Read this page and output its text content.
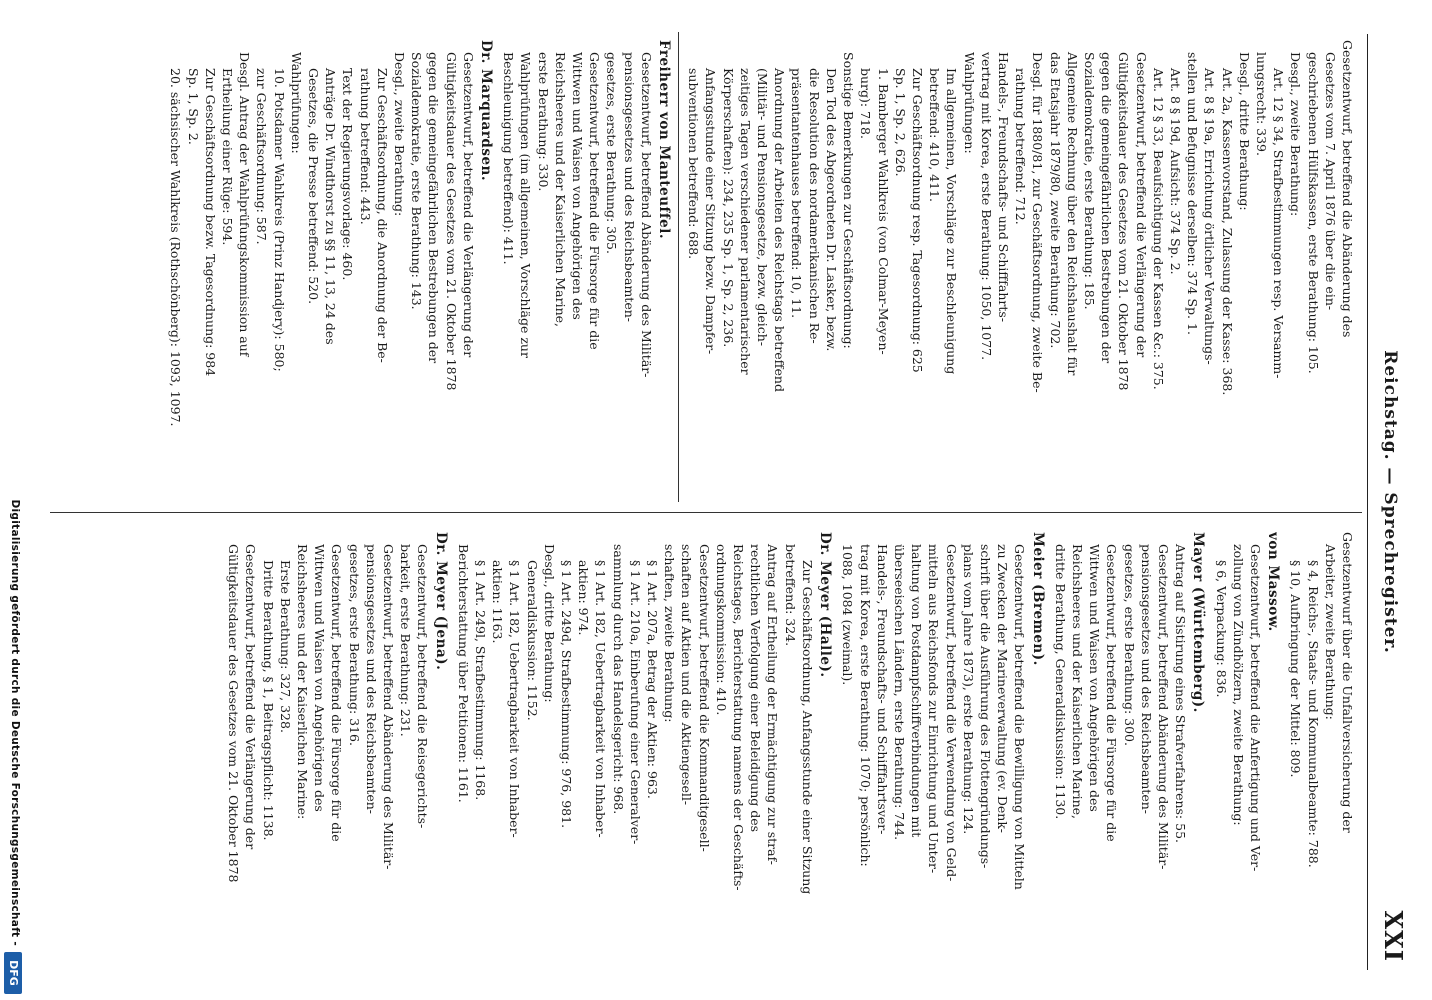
Reichstag. — Sprechregister.
XXI
Gesetzentwurf, betreffend die Abänderung des
Gesetzes vom 7. April 1876 über die ein-
geschriebenen Hülfskassen, erste Berathung: 105.
Desgl., zweite Berathung:
Art. 12 § 34, Strafbestimmungen resp. Versamm-
lungsrecht: 339.
Desgl., dritte Berathung:
Art. 2a, Kassenvorstand, Zulassung der Kasse: 368.
Art. 8 § 19a, Errichtung örtlicher Verwaltungs-
stellen und Befugnisse derselben: 374 Sp. 1.
Art. 8 § 19d, Aufsicht: 374 Sp. 2.
Art. 12 § 33, Beaufsichtigung der Kassen &c.: 375.
Gesetzentwurf, betreffend die Verlängerung der
Gültigkeitsdauer des Gesetzes vom 21. Oktober 1878
gegen die gemeingefährlichen Bestrebungen der
Sozialdemokratie, erste Berathung: 185.
Allgemeine Rechnung über den Reichshaushalt für
das Etatsjahr 1879/80, zweite Berathung: 702.
Desgl. für 1880/81, zur Geschäftsordnung, zweite Be-
rathung betreffend: 712.
Handels-, Freundschafts- und Schifffahrts-
vertrag mit Korea, erste Berathung: 1050, 1077.
Wahlprüfungen:
Im allgemeinen, Vorschläge zur Beschleunigung
betreffend: 410, 411.
Zur Geschäftsordnung resp. Tagesordnung: 625
Sp. 1, Sp. 2, 626.
1. Bamberger Wahlkreis (von Colmar-Meyen-
burg): 718.
Sonstige Bemerkungen zur Geschäftsordnung:
Den Tod des Abgeordneten Dr. Lasker, bezw.
die Resolution des nordamerikanischen Re-
präsentantenhauses betreffend: 10, 11.
Anordnung der Arbeiten des Reichstags betreffend
(Militär- und Pensionsgesetze, bezw. gleich-
zeitiges Tagen verschiedener parlamentarischer
Körperschaften): 234, 235 Sp. 1, Sp. 2, 236.
Anfangsstunde einer Sitzung bezw. Dampfer-
subventionen betreffend: 688.
Freiherr von Manteuffel.
Gesetzentwurf, betreffend Abänderung des Militär-
pensionsgesetzes und des Reichsbeamten-
gesetzes, erste Berathung: 305.
Gesetzentwurf, betreffend die Fürsorge für die
Wittwen und Waisen von Angehörigen des
Reichsheeres und der Kaiserlichen Marine,
erste Berathung: 330.
Wahlprüfungen (im allgemeinen, Vorschläge zur
Beschleunigung betreffend): 411.
Dr. Marquardsen.
Gesetzentwurf, betreffend die Verlängerung der
Gültigkeitsdauer des Gesetzes vom 21. Oktober 1878
gegen die gemeingefährlichen Bestrebungen der
Sozialdemokratie, erste Berathung: 143.
Desgl., zweite Berathung:
Zur Geschäftsordnung, die Anordnung der Be-
rathung betreffend: 443.
Text der Regierungsvorlage: 460.
Anträge Dr. Windthorst zu §§ 11, 13, 24 des
Gesetzes, die Presse betreffend: 520.
Wahlprüfungen:
10. Potsdamer Wahlkreis (Prinz Handjery): 580;
zur Geschäftsordnung: 587.
Desgl. Antrag der Wahlprüfungskommission auf
Ertheilung einer Rüge: 594.
Zur Geschäftsordnung bezw. Tagesordnung: 984
Sp. 1, Sp. 2.
20. sächsischer Wahlkreis (Rothschönberg): 1093, 1097.
Gesetzentwurf über die Unfallversicherung der
Arbeiter, zweite Berathung:
§ 4, Reichs-, Staats- und Kommunalbeamte: 788.
§ 10, Aufbringung der Mittel: 809.
von Massow.
Gesetzentwurf, betreffend die Anfertigung und Ver-
zollung von Zündhölzern, zweite Berathung:
§ 6, Verpackung: 836.
Mayer (Württemberg).
Antrag auf Sistirung eines Strafverfahrens: 55.
Gesetzentwurf, betreffend Abänderung des Militär-
pensionsgesetzes und des Reichsbeamten-
gesetzes, erste Berathung: 300.
Gesetzentwurf, betreffend die Fürsorge für die
Wittwen und Waisen von Angehörigen des
Reichsheeres und der Kaiserlichen Marine,
dritte Berathung, Generaldiskussion: 1130.
Meier (Bremen).
Gesetzentwurf, betreffend die Bewilligung von Mitteln
zu Zwecken der Marineverwaltung (ev. Denk-
schrift über die Ausführung des Flottengründungs-
plans vom Jahre 1873), erste Berathung: 124.
Gesetzentwurf, betreffend die Verwendung von Geld-
mitteln aus Reichsfonds zur Einrichtung und Unter-
haltung von Postdampfschiffverbindungen mit
überseeischen Ländern, erste Berathung: 744.
Handels-, Freundschafts- und Schifffahrtsver-
trag mit Korea, erste Berathung: 1070; persönlich:
1088, 1084 (zweimal).
Dr. Meyer (Halle).
Zur Geschäftsordnung, Anfangsstunde einer Sitzung
betreffend: 324.
Antrag auf Ertheilung der Ermächtigung zur straf-
rechtlichen Verfolgung einer Beleidigung des
Reichstages, Berichterstattung namens der Geschäfts-
ordnungskommission: 410.
Gesetzentwurf, betreffend die Kommanditgesell-
schaften auf Aktien und die Aktiengesell-
schaften, zweite Berathung:
§ 1 Art. 207a, Betrag der Aktien: 963.
§ 1 Art. 210a, Einberufung einer Generalver-
sammlung durch das Handelsgericht: 968.
§ 1 Art. 182, Uebertragbarkeit von Inhaber-
aktien: 974.
§ 1 Art. 249d, Strafbestimmung: 976, 981.
Desgl., dritte Berathung:
Generaldiskussion: 1152.
§ 1 Art. 182, Uebertragbarkeit von Inhaber-
aktien: 1163.
§ 1 Art. 249l, Strafbestimmung: 1168.
Berichterstattung über Petitionen: 1161.
Dr. Meyer (Jena).
Gesetzentwurf, betreffend die Reisegerichts-
barkeit, erste Berathung: 231.
Gesetzentwurf, betreffend Abänderung des Militär-
pensionsgesetzes und des Reichsbeamten-
gesetzes, erste Berathung: 316.
Gesetzentwurf, betreffend die Fürsorge für die
Wittwen und Waisen von Angehörigen des
Reichsheeres und der Kaiserlichen Marine:
Erste Berathung: 327, 328.
Dritte Berathung, § 1, Beitragspflicht: 1138.
Gesetzentwurf, betreffend die Verlängerung der
Gültigkeitsdauer des Gesetzes vom 21. Oktober 1878
Digitalisierung gefördert durch die Deutsche Forschungsgemeinschaft -
DFG
